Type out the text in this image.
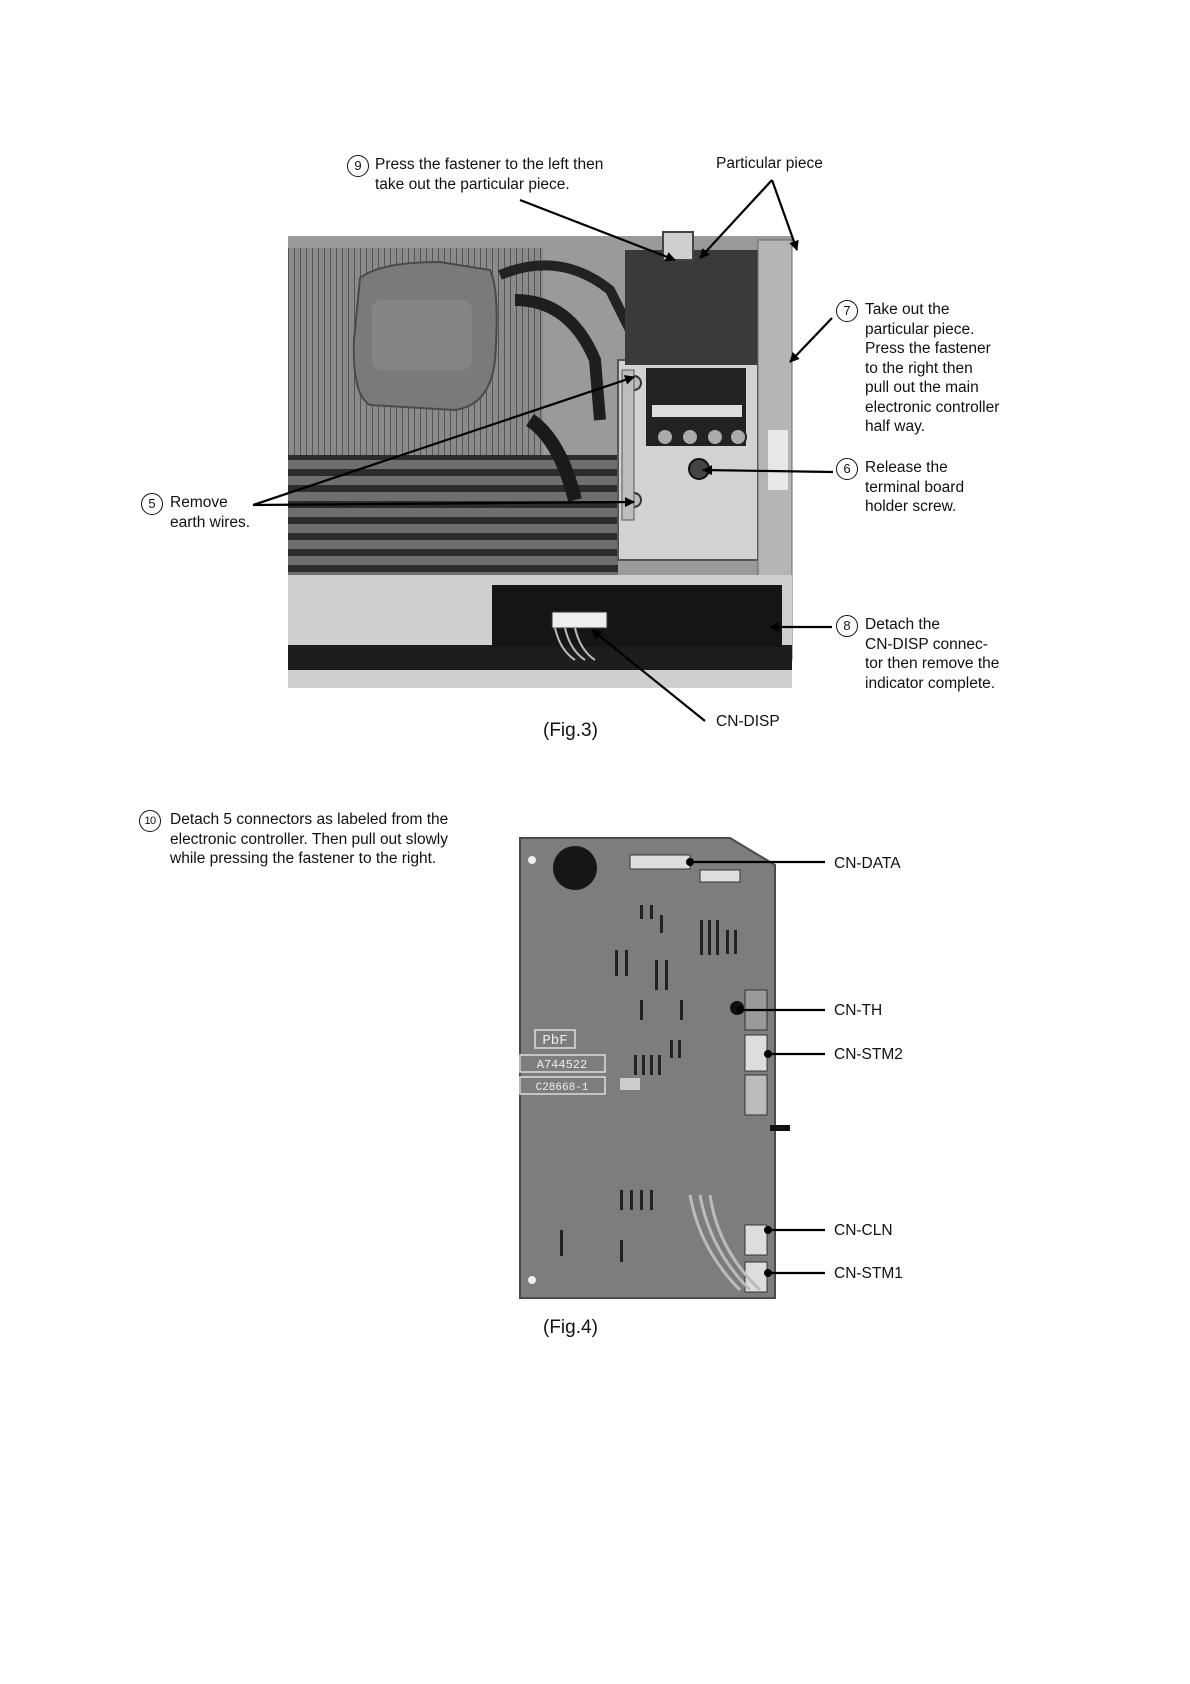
1 2 3 4
9 Press the fastener to the left then
take out the particular piece.
Particular piece
7 Take out the
particular piece.
Press the fastener
to the right then
pull out the main
electronic controller
half way.
6 Release the
terminal board
holder screw.
5 Remove
earth wires.
8 Detach the
CN-DISP connec-
tor then remove the
indicator complete.
CN-DISP
(Fig.3)
10 Detach 5 connectors as labeled from the
electronic controller. Then pull out slowly
while pressing the fastener to the right.
PbF
A744522
C28668-1
CN-DATA
CN-TH
CN-STM2
CN-CLN
CN-STM1
(Fig.4)
